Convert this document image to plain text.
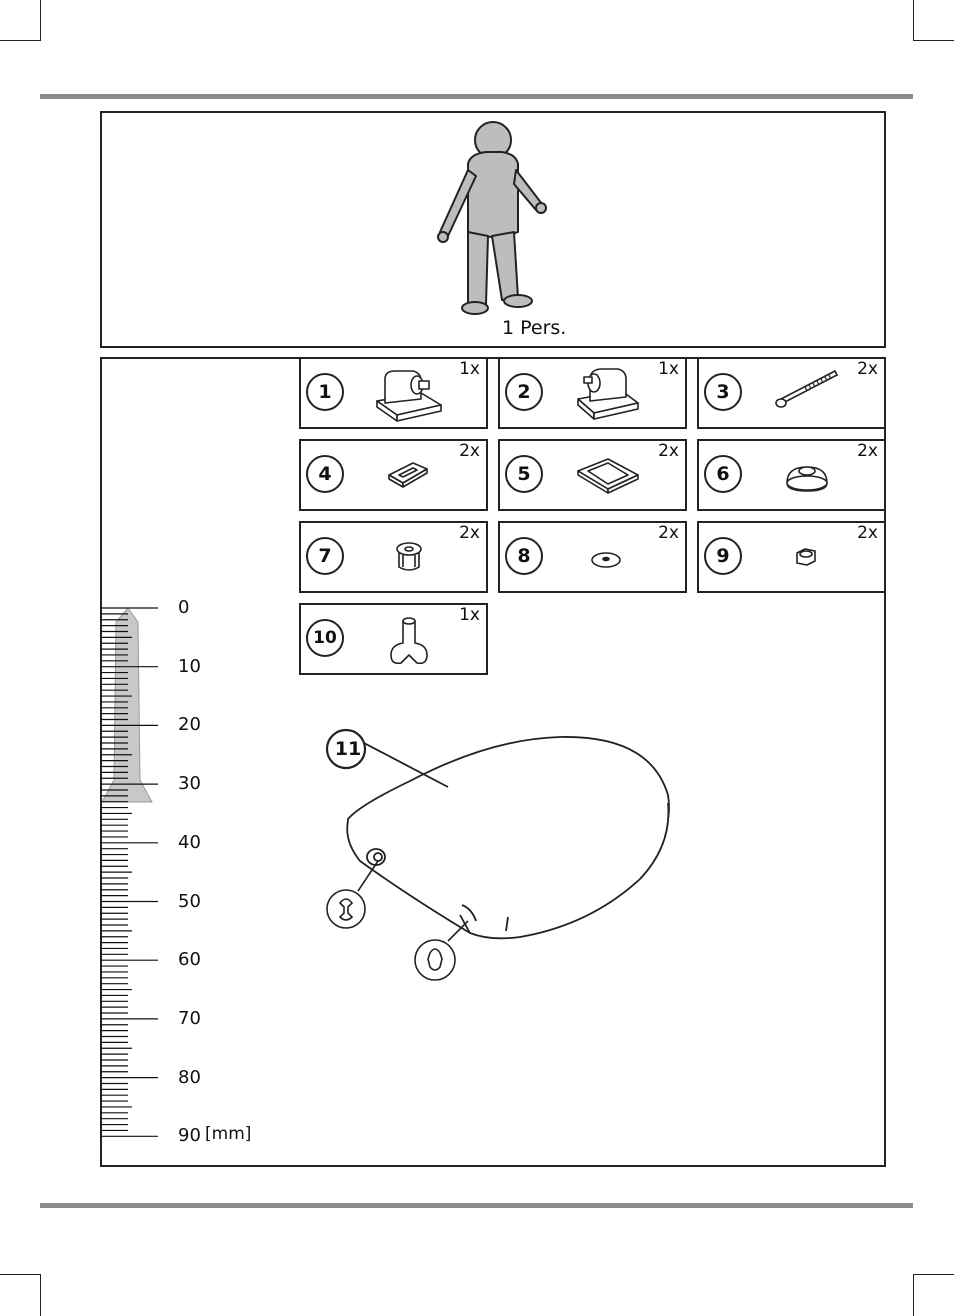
1 Pers.
1
1x
2
1x
3
2x
4
2x
5
2x
6
2x
7
2x
8
2x
9
2x
10
1x
11
0
10
20
30
40
50
60
70
80
90 [mm]
